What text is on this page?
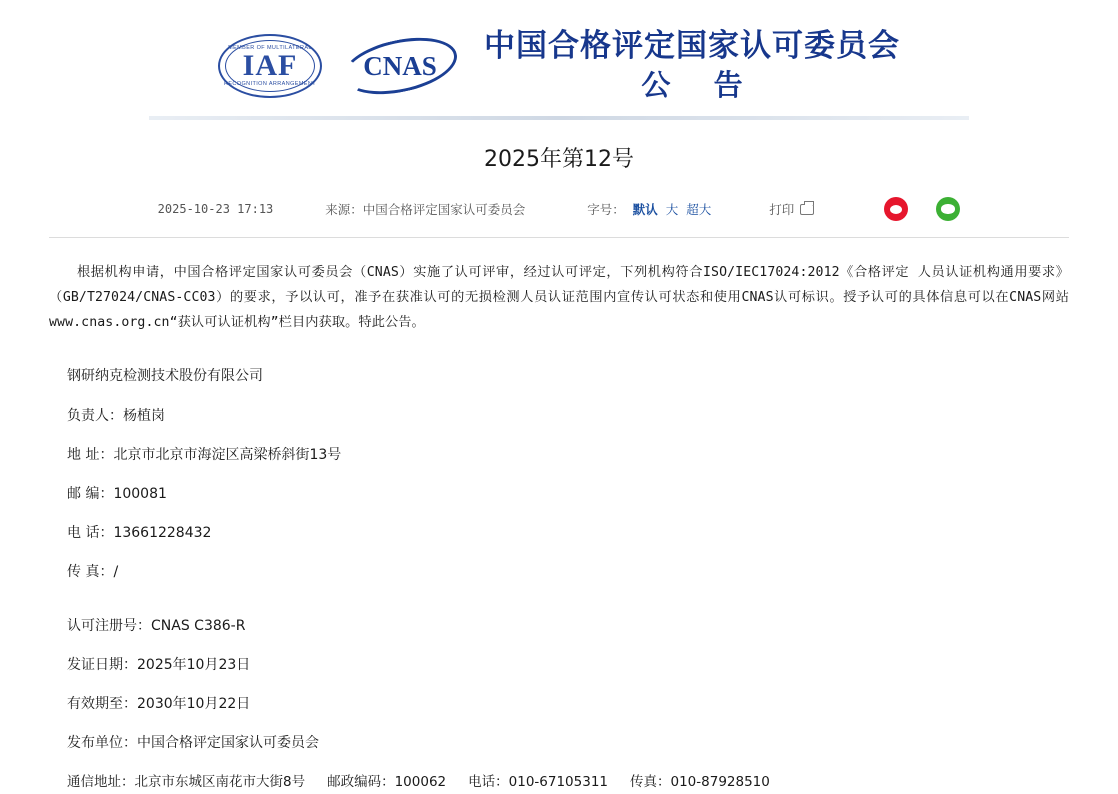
MEMBER OF MULTILATERAL
IAF
RECOGNITION ARRANGEMENT
CNAS
中国合格评定国家认可委员会
公 告
2025年第12号
2025-10-23 17:13	来源：中国合格评定国家认可委员会	字号： 默认 大 超大	打印
根据机构申请，中国合格评定国家认可委员会（CNAS）实施了认可评审，经过认可评定，下列机构符合ISO/IEC17024:2012《合格评定 人员认证机构通用要求》（GB/T27024/CNAS-CC03）的要求，予以认可，准予在获准认可的无损检测人员认证范围内宣传认可状态和使用CNAS认可标识。授予认可的具体信息可以在CNAS网站www.cnas.org.cn“获认可认证机构”栏目内获取。特此公告。
钢研纳克检测技术股份有限公司
负责人：杨植岗
地 址：北京市北京市海淀区高梁桥斜街13号
邮 编：100081
电 话：13661228432
传 真：/
认可注册号：CNAS C386-R
发证日期：2025年10月23日
有效期至：2030年10月22日
发布单位：中国合格评定国家认可委员会
通信地址：北京市东城区南花市大街8号 邮政编码：100062 电话：010-67105311 传真：010-87928510
